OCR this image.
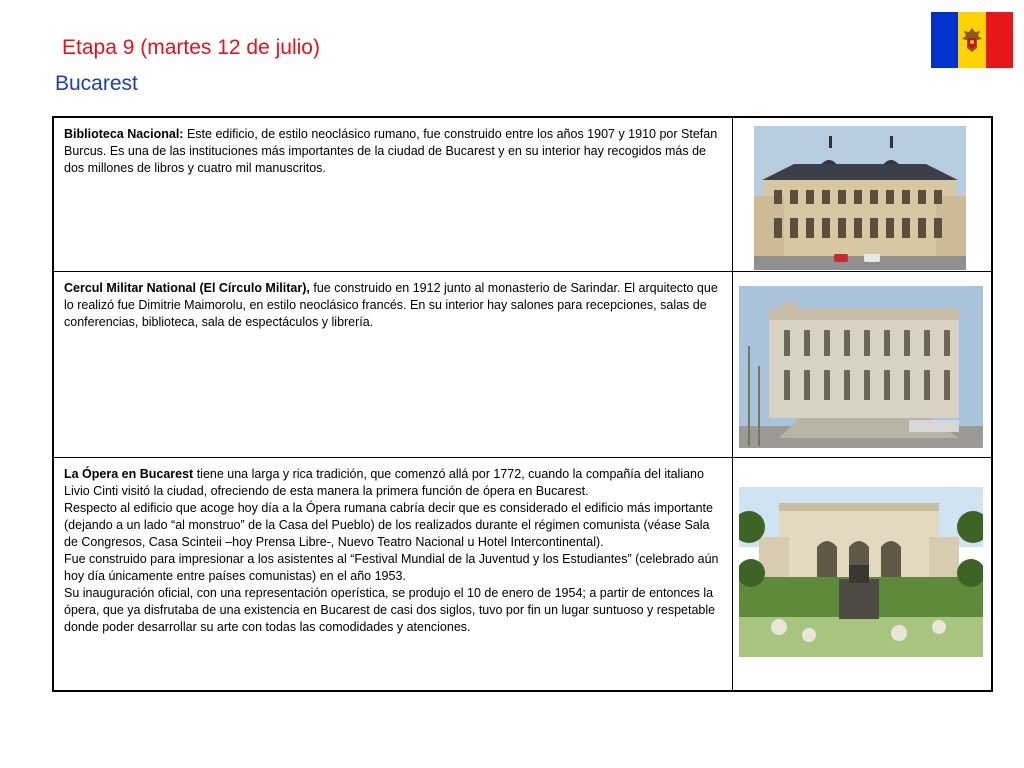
Etapa 9 (martes 12 de julio)
Bucarest
Biblioteca Nacional: Este edificio, de estilo neoclásico rumano, fue construido entre los años 1907 y 1910 por Stefan Burcus. Es una de las instituciones más importantes de la ciudad de Bucarest y en su interior hay recogidos más de dos millones de libros y cuatro mil manuscritos.	

Cercul Militar National (El Círculo Militar), fue construido en 1912 junto al monasterio de Sarindar. El arquitecto que lo realizó fue Dimitrie Maimorolu, en estilo neoclásico francés. En su interior hay salones para recepciones, salas de conferencias, biblioteca, sala de espectáculos y librería.	

La Ópera en Bucarest tiene una larga y rica tradición, que comenzó allá por 1772, cuando la compañía del italiano Livio Cinti visitó la ciudad, ofreciendo de esta manera la primera función de ópera en Bucarest.
Respecto al edificio que acoge hoy día a la Ópera rumana cabría decir que es considerado el edificio más importante (dejando a un lado “al monstruo” de la Casa del Pueblo) de los realizados durante el régimen comunista (véase Sala de Congresos, Casa Scinteii –hoy Prensa Libre-, Nuevo Teatro Nacional u Hotel Intercontinental).
Fue construido para impresionar a los asistentes al “Festival Mundial de la Juventud y los Estudiantes” (celebrado aún hoy día únicamente entre países comunistas) en el año 1953.
Su inauguración oficial, con una representación operística, se produjo el 10 de enero de 1954; a partir de entonces la ópera, que ya disfrutaba de una existencia en Bucarest de casi dos siglos, tuvo por fin un lugar suntuoso y respetable donde poder desarrollar su arte con todas las comodidades y atenciones.
